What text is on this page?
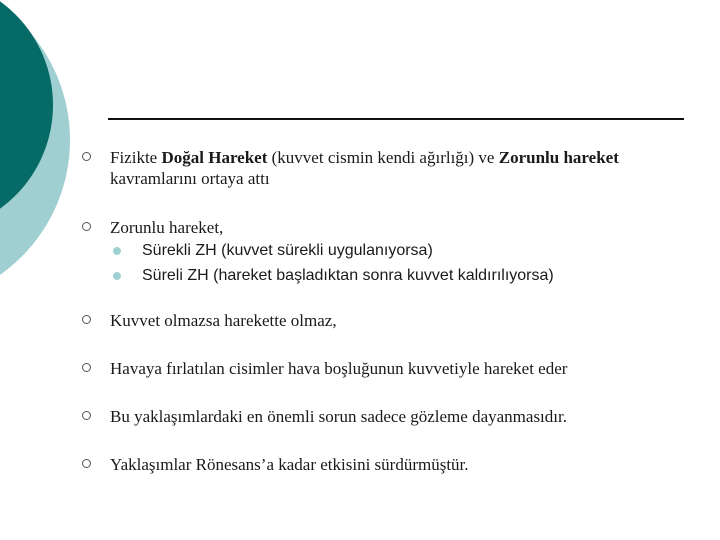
Fizikte Doğal Hareket (kuvvet cismin kendi ağırlığı) ve Zorunlu hareket kavramlarını ortaya attı
Zorunlu hareket,
Sürekli ZH (kuvvet sürekli uygulanıyorsa)
Süreli ZH (hareket başladıktan sonra kuvvet kaldırılıyorsa)
Kuvvet olmazsa harekette olmaz,
Havaya fırlatılan cisimler hava boşluğunun kuvvetiyle hareket eder
Bu yaklaşımlardaki en önemli sorun sadece gözleme dayanmasıdır.
Yaklaşımlar Rönesans’a kadar etkisini sürdürmüştür.
